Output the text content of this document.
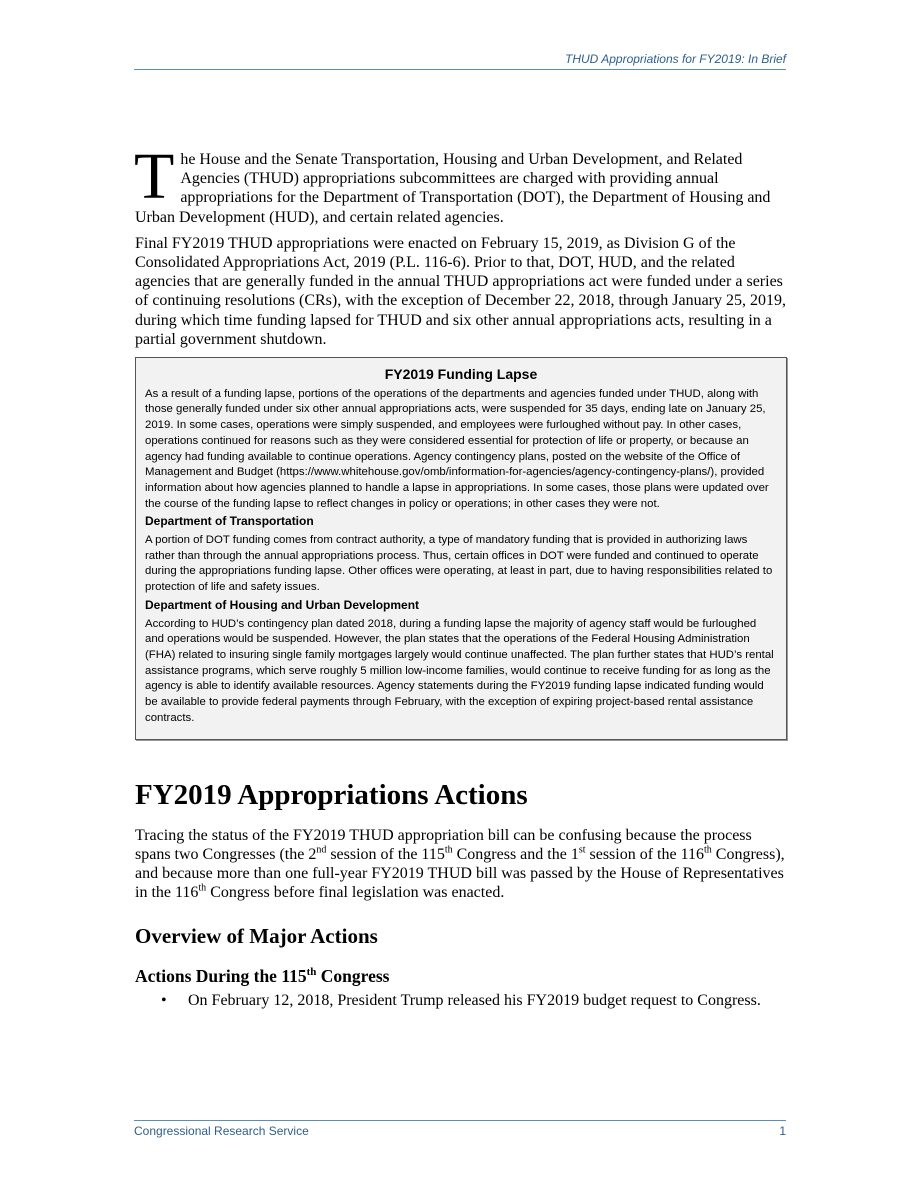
THUD Appropriations for FY2019: In Brief

The House and the Senate Transportation, Housing and Urban Development, and Related Agencies (THUD) appropriations subcommittees are charged with providing annual appropriations for the Department of Transportation (DOT), the Department of Housing and Urban Development (HUD), and certain related agencies.

Final FY2019 THUD appropriations were enacted on February 15, 2019, as Division G of the Consolidated Appropriations Act, 2019 (P.L. 116-6). Prior to that, DOT, HUD, and the related agencies that are generally funded in the annual THUD appropriations act were funded under a series of continuing resolutions (CRs), with the exception of December 22, 2018, through January 25, 2019, during which time funding lapsed for THUD and six other annual appropriations acts, resulting in a partial government shutdown.

FY2019 Funding Lapse

As a result of a funding lapse, portions of the operations of the departments and agencies funded under THUD, along with those generally funded under six other annual appropriations acts, were suspended for 35 days, ending late on January 25, 2019. In some cases, operations were simply suspended, and employees were furloughed without pay. In other cases, operations continued for reasons such as they were considered essential for protection of life or property, or because an agency had funding available to continue operations. Agency contingency plans, posted on the website of the Office of Management and Budget (https://www.whitehouse.gov/omb/information-for-agencies/agency-contingency-plans/), provided information about how agencies planned to handle a lapse in appropriations. In some cases, those plans were updated over the course of the funding lapse to reflect changes in policy or operations; in other cases they were not.

Department of Transportation

A portion of DOT funding comes from contract authority, a type of mandatory funding that is provided in authorizing laws rather than through the annual appropriations process. Thus, certain offices in DOT were funded and continued to operate during the appropriations funding lapse. Other offices were operating, at least in part, due to having responsibilities related to protection of life and safety issues.

Department of Housing and Urban Development

According to HUD’s contingency plan dated 2018, during a funding lapse the majority of agency staff would be furloughed and operations would be suspended. However, the plan states that the operations of the Federal Housing Administration (FHA) related to insuring single family mortgages largely would continue unaffected. The plan further states that HUD’s rental assistance programs, which serve roughly 5 million low-income families, would continue to receive funding for as long as the agency is able to identify available resources. Agency statements during the FY2019 funding lapse indicated funding would be available to provide federal payments through February, with the exception of expiring project-based rental assistance contracts.

FY2019 Appropriations Actions

Tracing the status of the FY2019 THUD appropriation bill can be confusing because the process spans two Congresses (the 2nd session of the 115th Congress and the 1st session of the 116th Congress), and because more than one full-year FY2019 THUD bill was passed by the House of Representatives in the 116th Congress before final legislation was enacted.

Overview of Major Actions
Actions During the 115th Congress
• On February 12, 2018, President Trump released his FY2019 budget request to Congress.
Congressional Research Service	1
